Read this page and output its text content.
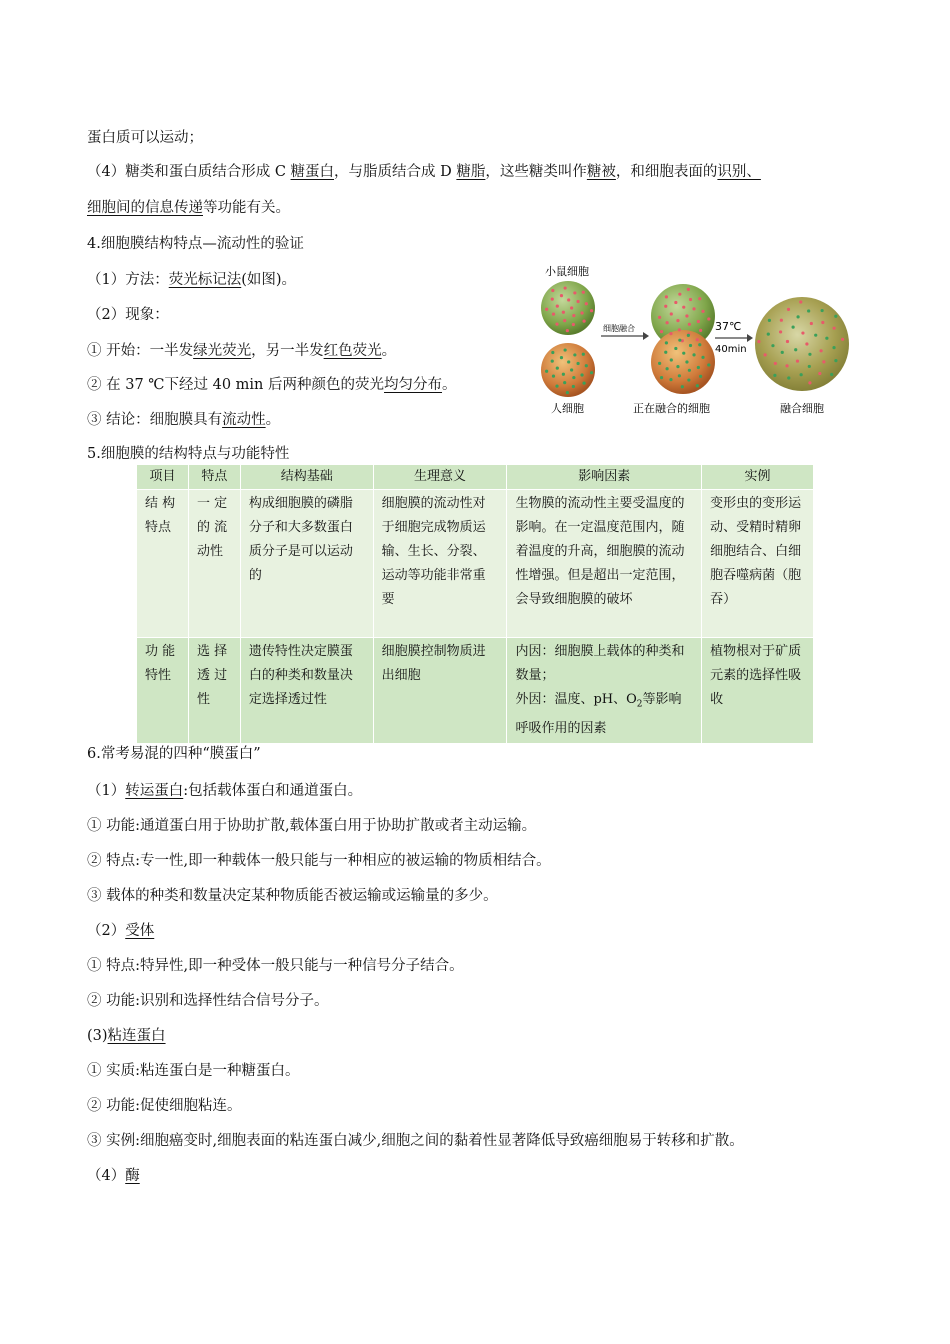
蛋白质可以运动；
（4）糖类和蛋白质结合形成 C 糖蛋白，与脂质结合成 D 糖脂，这些糖类叫作糖被，和细胞表面的识别、
细胞间的信息传递等功能有关。
4.细胞膜结构特点—流动性的验证
（1）方法：荧光标记法(如图)。
（2）现象：
① 开始：一半发绿光荧光，另一半发红色荧光。
② 在 37 ℃下经过 40 min 后两种颜色的荧光均匀分布。
③ 结论：细胞膜具有流动性。
小鼠细胞
人细胞
细胞融合
正在融合的细胞
37℃
40min
融合细胞
5.细胞膜的结构特点与功能特性
项目	特点	结构基础	生理意义	影响因素	实例
结 构特点	一 定的 流动性	构成细胞膜的磷脂分子和大多数蛋白质分子是可以运动的	细胞膜的流动性对于细胞完成物质运输、生长、分裂、运动等功能非常重要	生物膜的流动性主要受温度的影响。在一定温度范围内，随着温度的升高，细胞膜的流动性增强。但是超出一定范围，会导致细胞膜的破坏	变形虫的变形运动、受精时精卵细胞结合、白细胞吞噬病菌（胞吞）
功 能特性	选 择透 过性	遗传特性决定膜蛋白的种类和数量决定选择透过性	细胞膜控制物质进出细胞	内因：细胞膜上载体的种类和数量；
外因：温度、pH、$O_2$等影响呼吸作用的因素	植物根对于矿质元素的选择性吸收
6.常考易混的四种“膜蛋白”
（1）转运蛋白:包括载体蛋白和通道蛋白。
① 功能:通道蛋白用于协助扩散,载体蛋白用于协助扩散或者主动运输。
② 特点:专一性,即一种载体一般只能与一种相应的被运输的物质相结合。
③ 载体的种类和数量决定某种物质能否被运输或运输量的多少。
（2）受体
① 特点:特异性,即一种受体一般只能与一种信号分子结合。
② 功能:识别和选择性结合信号分子。
(3)粘连蛋白
① 实质:粘连蛋白是一种糖蛋白。
② 功能:促使细胞粘连。
③ 实例:细胞癌变时,细胞表面的粘连蛋白减少,细胞之间的黏着性显著降低导致癌细胞易于转移和扩散。
（4）酶
